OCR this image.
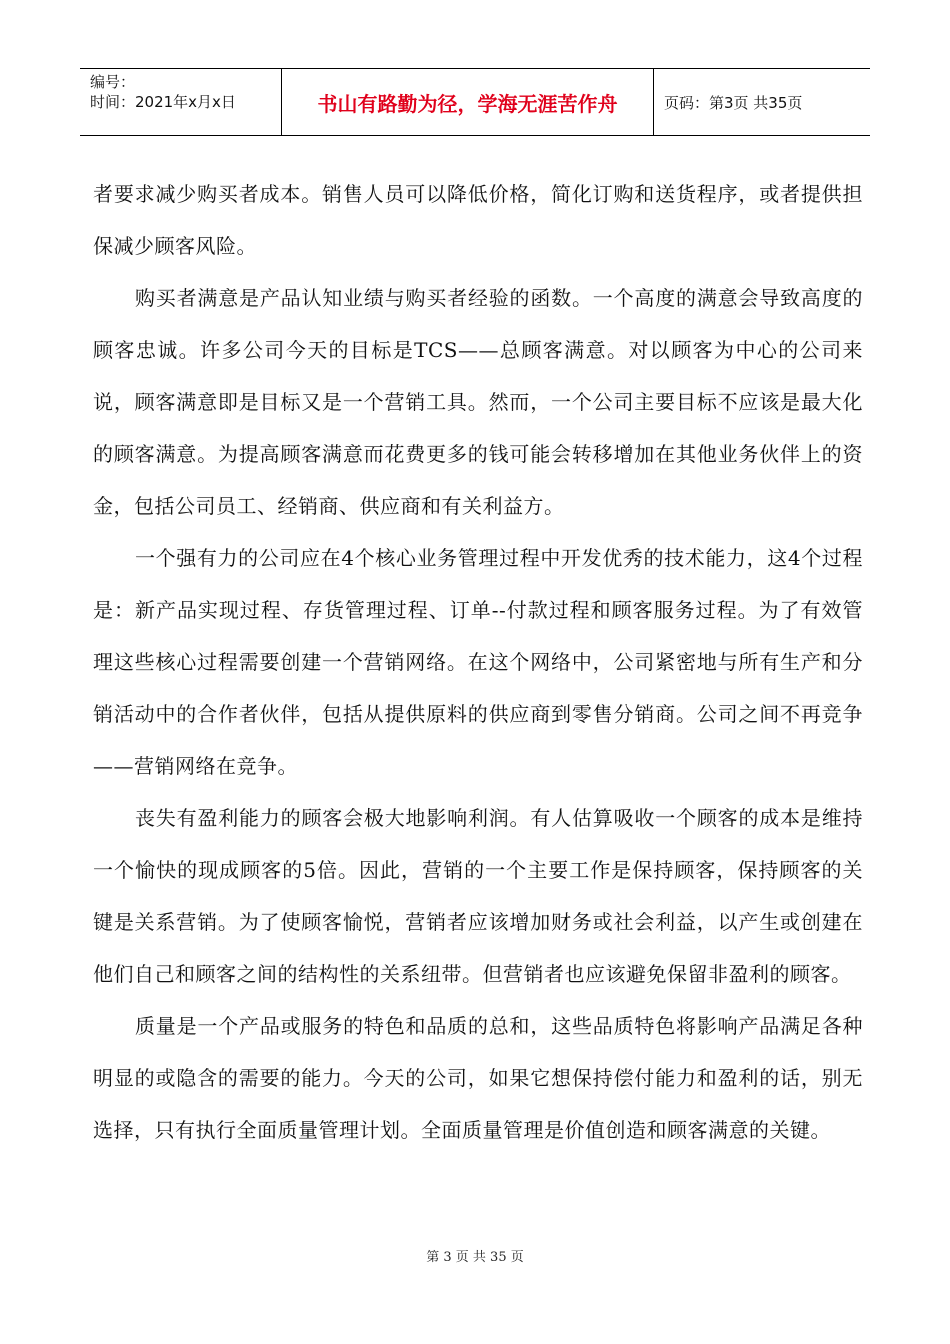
编号：
时间：2021年x月x日	书山有路勤为径，学海无涯苦作舟	页码：第3页 共35页

者要求减少购买者成本。销售人员可以降低价格，简化订购和送货程序，或者提供担保减少顾客风险。

购买者满意是产品认知业绩与购买者经验的函数。一个高度的满意会导致高度的顾客忠诚。许多公司今天的目标是TCS——总顾客满意。对以顾客为中心的公司来说，顾客满意即是目标又是一个营销工具。然而，一个公司主要目标不应该是最大化的顾客满意。为提高顾客满意而花费更多的钱可能会转移增加在其他业务伙伴上的资金，包括公司员工、经销商、供应商和有关利益方。

一个强有力的公司应在4个核心业务管理过程中开发优秀的技术能力，这4个过程是：新产品实现过程、存货管理过程、订单--付款过程和顾客服务过程。为了有效管理这些核心过程需要创建一个营销网络。在这个网络中，公司紧密地与所有生产和分销活动中的合作者伙伴，包括从提供原料的供应商到零售分销商。公司之间不再竞争——营销网络在竞争。

丧失有盈利能力的顾客会极大地影响利润。有人估算吸收一个顾客的成本是维持一个愉快的现成顾客的5倍。因此，营销的一个主要工作是保持顾客，保持顾客的关键是关系营销。为了使顾客愉悦，营销者应该增加财务或社会利益，以产生或创建在他们自己和顾客之间的结构性的关系纽带。但营销者也应该避免保留非盈利的顾客。

质量是一个产品或服务的特色和品质的总和，这些品质特色将影响产品满足各种明显的或隐含的需要的能力。今天的公司，如果它想保持偿付能力和盈利的话，别无选择，只有执行全面质量管理计划。全面质量管理是价值创造和顾客满意的关键。

第 3 页 共 35 页
